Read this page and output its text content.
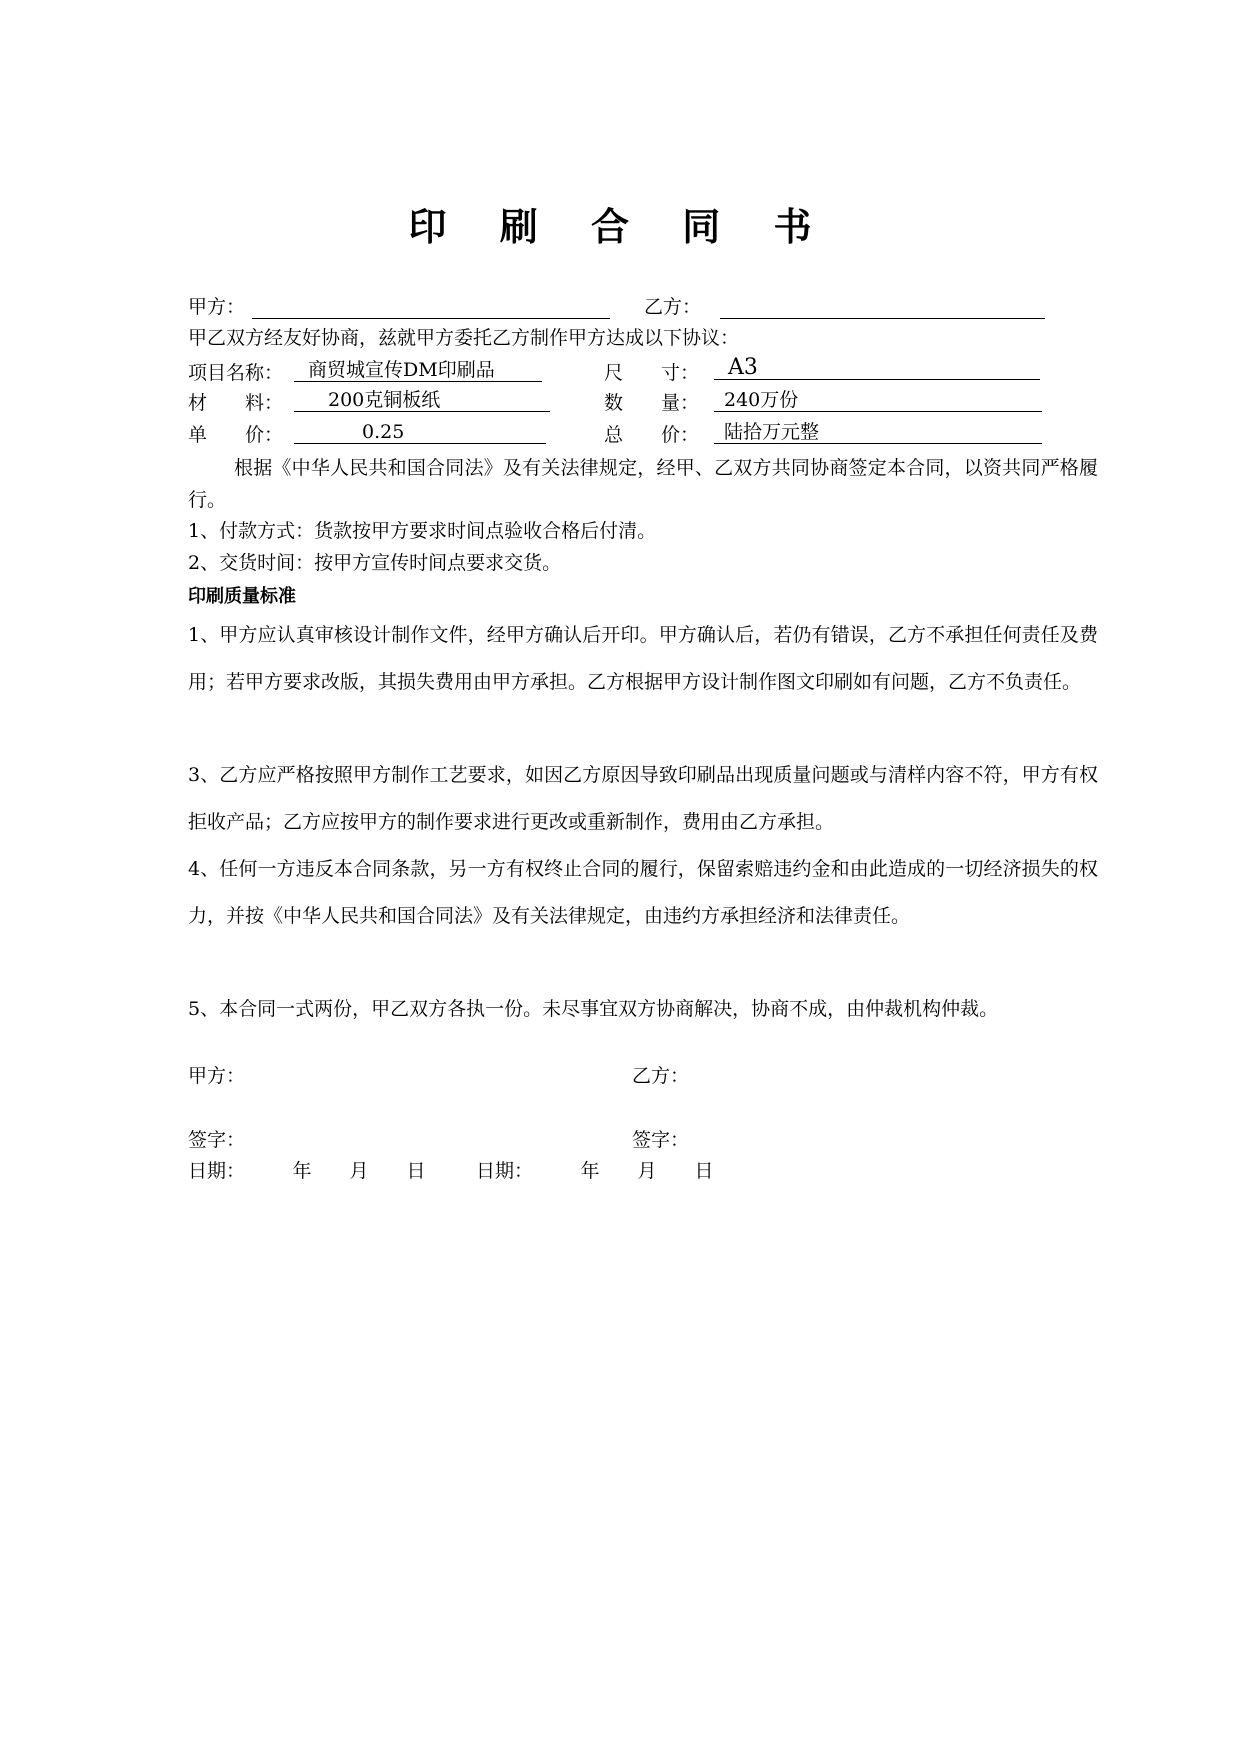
印 刷 合 同 书
甲方：	乙方：
甲乙双方经友好协商，兹就甲方委托乙方制作甲方达成以下协议：
项目名称：	商贸城宣传DM印刷品	尺　　寸：	A3
材　　料：	200克铜板纸	数　　量：	240万份
单　　价：	0.25	总　　价：	陆拾万元整
根据《中华人民共和国合同法》及有关法律规定，经甲、乙双方共同协商签定本合同，以资共同严格履行。
1、付款方式：货款按甲方要求时间点验收合格后付清。
2、交货时间：按甲方宣传时间点要求交货。
印刷质量标准
1、甲方应认真审核设计制作文件，经甲方确认后开印。甲方确认后，若仍有错误，乙方不承担任何责任及费用；若甲方要求改版，其损失费用由甲方承担。乙方根据甲方设计制作图文印刷如有问题，乙方不负责任。
3、乙方应严格按照甲方制作工艺要求，如因乙方原因导致印刷品出现质量问题或与清样内容不符，甲方有权拒收产品；乙方应按甲方的制作要求进行更改或重新制作，费用由乙方承担。
4、任何一方违反本合同条款，另一方有权终止合同的履行，保留索赔违约金和由此造成的一切经济损失的权力，并按《中华人民共和国合同法》及有关法律规定，由违约方承担经济和法律责任。
5、本合同一式两份，甲乙双方各执一份。未尽事宜双方协商解决，协商不成，由仲裁机构仲裁。
甲方：	乙方：
签字：	签字：
日期：　　　年　　月　　日	日期：　　　年　　月　　日
